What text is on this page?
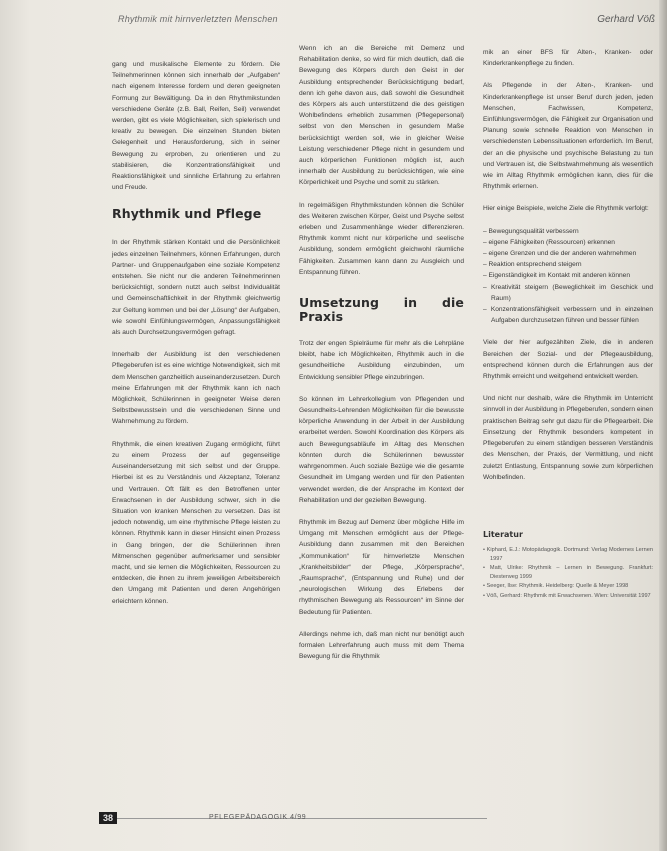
Rhythmik mit hirnverletzten Menschen	Gerhard Vöß

gang und musikalische Elemente zu fördern. Die Teilnehmerinnen können sich innerhalb der „Aufgaben“ nach eigenem Interesse fordern und deren geeigneten Formung zur Bewältigung. Da in den Rhythmikstunden verschiedene Geräte (z.B. Ball, Reifen, Seil) verwendet werden, gibt es viele Möglichkeiten, sich spielerisch und kreativ zu bewegen. Die einzelnen Stunden bieten Gelegenheit und Herausforderung, sich in seiner Bewegung zu erproben, zu orientieren und zu stabilisieren, die Konzentrationsfähigkeit und Reaktionsfähigkeit und sinnliche Erfahrung zu erfahren und Freude.

Rhythmik und Pflege

In der Rhythmik stärken Kontakt und die Persönlichkeit jedes einzelnen Teilnehmers, können Erfahrungen, durch Partner- und Gruppenaufgaben eine soziale Kompetenz entstehen. Sie nicht nur die anderen Teilnehmerinnen berücksichtigt, sondern nutzt auch selbst Individualität und Gemeinschaftlichkeit in der Rhythmik gleichwertig zur Geltung kommen und bei der „Lösung“ der Aufgaben, wie sowohl Einfühlungsvermögen, Anpassungsfähigkeit als auch Durchsetzungsvermögen gefragt.

Innerhalb der Ausbildung ist den verschiedenen Pflegeberufen ist es eine wichtige Notwendigkeit, sich mit dem Menschen ganzheitlich auseinanderzusetzen. Durch meine Erfahrungen mit der Rhythmik kann ich nach Möglichkeit, Schülerinnen in geeigneter Weise deren Selbstbewusstsein und die verschiedenen Sinne und Wahrnehmung zu fördern.

Rhythmik, die einen kreativen Zugang ermöglicht, führt zu einem Prozess der auf gegenseitige Auseinandersetzung mit sich selbst und der Gruppe. Hierbei ist es zu Verständnis und Akzeptanz, Toleranz und Vertrauen. Oft fällt es den Betroffenen unter Erwachsenen in der Ausbildung schwer, sich in die Situation von kranken Menschen zu versetzen. Das ist jedoch notwendig, um eine rhythmische Pflege leisten zu können. Rhythmik kann in dieser Hinsicht einen Prozess in Gang bringen, der die Schülerinnen ihren Mitmenschen gegenüber aufmerksamer und sensibler macht, und sie lernen die Möglichkeiten, Ressourcen zu entdecken, die ihnen zu ihrem jeweiligen Arbeitsbereich den Umgang mit Patienten und deren Angehörigen erleichtern können.

Wenn ich an die Bereiche mit Demenz und Rehabilitation denke, so wird für mich deutlich, daß die Bewegung des Körpers durch den Geist in der Ausbildung entsprechender Berücksichtigung bedarf, denn ich gehe davon aus, daß sowohl die Gesundheit des Körpers als auch unterstützend die des geistigen Wohlbefindens erheblich zusammen (Pflegepersonal) selbst von den Menschen in gesundem Maße berücksichtigt werden soll, wie in gleicher Weise Leistung verschiedener Pflege nicht in gesundem und auch körperlichen Funktionen möglich ist, auch innerhalb der Ausbildung zu berücksichtigen, wie eine Körperlichkeit und Psyche und somit zu stärken.

In regelmäßigen Rhythmikstunden können die Schüler des Weiteren zwischen Körper, Geist und Psyche selbst erleben und Zusammenhänge wieder differenzieren. Rhythmik kommt nicht nur körperliche und seelische Ausbildung, sondern ermöglicht gleichwohl räumliche Fähigkeiten. Zusammen kann dann zu Ausgleich und Entspannung führen.

Umsetzung in die Praxis

Trotz der engen Spielräume für mehr als die Lehrpläne bleibt, habe ich Möglichkeiten, Rhythmik auch in die gesundheitliche Ausbildung einzubinden, um Entwicklung sensibler Pflege einzubringen.

So können im Lehrerkollegium von Pflegenden und Gesundheits-Lehrenden Möglichkeiten für die bewusste körperliche Anwendung in der Arbeit in der Ausbildung erarbeitet werden. Sowohl Koordination des Körpers als auch Bewegungsabläufe im Alltag des Menschen könnten durch die Schülerinnen bewusster wahrgenommen. Auch soziale Bezüge wie die gesamte Gesundheit im Umgang werden und für den Patienten verwendet werden, die der Ansprache im Kontext der Rehabilitation und der gezielten Bewegung.

Rhythmik im Bezug auf Demenz über mögliche Hilfe im Umgang mit Menschen ermöglicht aus der Pflege-Ausbildung dann zusammen mit den Bereichen „Kommunikation“ für hirnverletzte Menschen „Krankheitsbilder“ der Pflege, „Körpersprache“, „Raumsprache“, (Entspannung und Ruhe) und der „neurologischen Wirkung des Erlebens der rhythmischen Bewegung als Ressourcen“ im Sinne der Bedeutung für Patienten.

Allerdings nehme ich, daß man nicht nur benötigt auch formalen Lehrerfahrung auch muss mit dem Thema Bewegung für die Rhythmik

mik an einer BFS für Alten-, Kranken- oder Kinderkrankenpflege zu finden.

Als Pflegende in der Alten-, Kranken- und Kinderkrankenpflege ist unser Beruf durch jeden, jeden Menschen, Fachwissen, Kompetenz, Einfühlungsvermögen, die Fähigkeit zur Organisation und Planung sowie schnelle Reaktion von Menschen in verschiedensten Lebenssituationen erforderlich. Im Beruf, der an die physische und psychische Belastung zu tun und Vertrauen ist, die Selbstwahrnehmung als wesentlich wie im Alltag Rhythmik ermöglichen kann, dies für die Rhythmik erlernen.

Hier einige Beispiele, welche Ziele die Rhythmik verfolgt:

– Bewegungsqualität verbessern
– eigene Fähigkeiten (Ressourcen) erkennen
– eigene Grenzen und die der anderen wahrnehmen
– Reaktion entsprechend steigern
– Eigenständigkeit im Kontakt mit anderen können
– Kreativität steigern (Beweglichkeit im Geschick und Raum)
– Konzentrationsfähigkeit verbessern und in einzelnen Aufgaben durchzusetzen führen und besser fühlen

Viele der hier aufgezählten Ziele, die in anderen Bereichen der Sozial- und der Pflegeausbildung, entsprechend können durch die Erfahrungen aus der Rhythmik erreicht und weitgehend entwickelt werden.

Und nicht nur deshalb, wäre die Rhythmik im Unterricht sinnvoll in der Ausbildung in Pflegeberufen, sondern einen praktischen Beitrag sehr gut dazu für die Pflegearbeit. Die Einsetzung der Rhythmik besonders kompetent in Pflegeberufen zu einem ständigen besseren Verständnis des Menschen, der Praxis, der Vermittlung, und nicht zuletzt Entlastung, Entspannung sowie zum körperlichen Wohlbefinden.

Literatur
• Kiphard, E.J.: Motopädagogik. Dortmund: Verlag Modernes Lernen 1997
• Matt, Ulrike: Rhythmik – Lernen in Bewegung. Frankfurt: Diesterweg 1999
• Seeger, Ilse: Rhythmik. Heidelberg: Quelle & Meyer 1998
• Vöß, Gerhard: Rhythmik mit Erwachsenen. Wien: Universität 1997
38	PFLEGEPÄDAGOGIK 4/99
